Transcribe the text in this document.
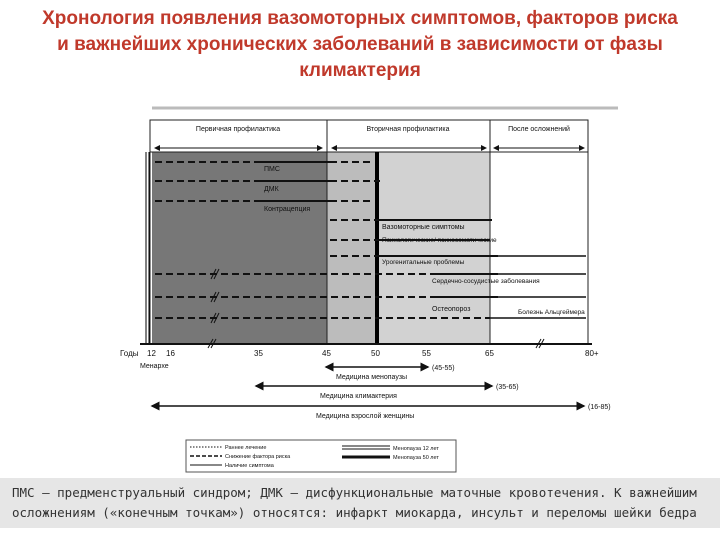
Хронология появления вазомоторных симптомов, факторов риска
и важнейших хронических заболеваний в зависимости от фазы
климактерия
Первичная профилактика	Вторичная профилактика	После осложнений
ПМС
ДМК
Контрацепция
Вазомоторные симптомы
Психологические/ психосоматические
Урогенитальные проблемы
Сердечно-сосудистые заболевания
Остеопороз	Болезнь Альцгеймера
Годы 12 16	35	45	50	55	65	80+
Менархе	(45-55)
Медицина менопаузы
(35-65)
Медицина климактерия
(16-85)
Медицина взрослой женщины
Раннее лечение
Снижение фактора риска
Наличие симптома
Менопауза 12 лет
Менопауза 50 лет
ПМС — предменструальный синдром; ДМК — дисфункциональные маточные кровотечения. К важнейшим
осложнениям («конечным точкам») относятся: инфаркт миокарда, инсульт и переломы шейки бедра
